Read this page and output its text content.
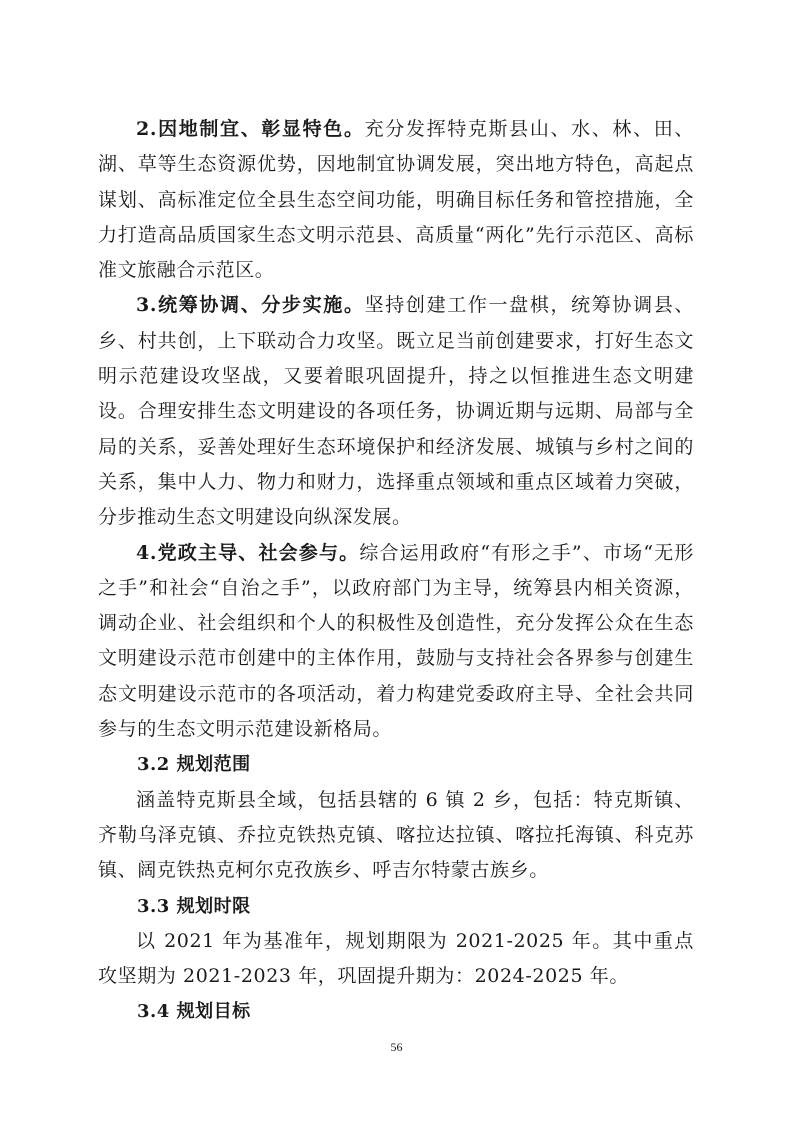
2.因地制宜、彰显特色。充分发挥特克斯县山、水、林、田、湖、草等生态资源优势，因地制宜协调发展，突出地方特色，高起点谋划、高标准定位全县生态空间功能，明确目标任务和管控措施，全力打造高品质国家生态文明示范县、高质量“两化”先行示范区、高标准文旅融合示范区。

3.统筹协调、分步实施。坚持创建工作一盘棋，统筹协调县、乡、村共创，上下联动合力攻坚。既立足当前创建要求，打好生态文明示范建设攻坚战，又要着眼巩固提升，持之以恒推进生态文明建设。合理安排生态文明建设的各项任务，协调近期与远期、局部与全局的关系，妥善处理好生态环境保护和经济发展、城镇与乡村之间的关系，集中人力、物力和财力，选择重点领域和重点区域着力突破，分步推动生态文明建设向纵深发展。

4.党政主导、社会参与。综合运用政府“有形之手”、市场“无形之手”和社会“自治之手”，以政府部门为主导，统筹县内相关资源，调动企业、社会组织和个人的积极性及创造性，充分发挥公众在生态文明建设示范市创建中的主体作用，鼓励与支持社会各界参与创建生态文明建设示范市的各项活动，着力构建党委政府主导、全社会共同参与的生态文明示范建设新格局。

3.2 规划范围

涵盖特克斯县全域，包括县辖的 6 镇 2 乡，包括：特克斯镇、齐勒乌泽克镇、乔拉克铁热克镇、喀拉达拉镇、喀拉托海镇、科克苏镇、阔克铁热克柯尔克孜族乡、呼吉尔特蒙古族乡。

3.3 规划时限

以 2021 年为基准年，规划期限为 2021-2025 年。其中重点攻坚期为 2021-2023 年，巩固提升期为：2024-2025 年。

3.4 规划目标
56
